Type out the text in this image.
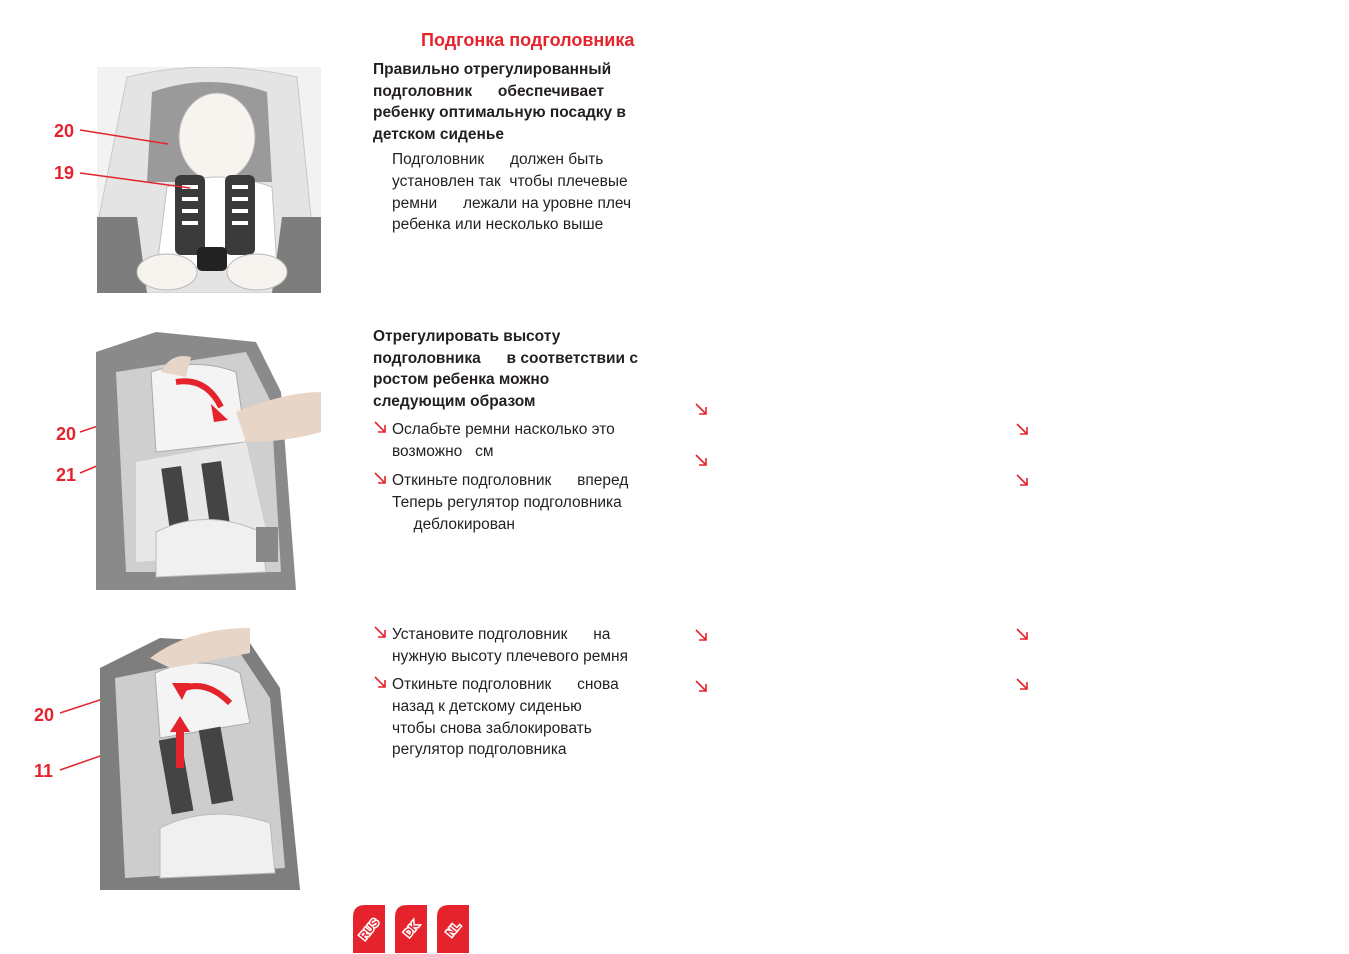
Подгонка подголовника
20
19
Правильно отрегулированный
подголовник      обеспечивает
ребенку оптимальную посадку в
детском сиденье
Подголовник      должен быть
установлен так  чтобы плечевые
ремни      лежали на уровне плеч
ребенка или несколько выше
20
21
Отрегулировать высоту
подголовника      в соответствии с
ростом ребенка можно
следующим образом
Ослабьте ремни насколько это
возможно   см
Откиньте подголовник      вперед
Теперь регулятор подголовника
деблокирован
20
11
Установите подголовник      на
нужную высоту плечевого ремня
Откиньте подголовник      снова
назад к детскому сиденью
чтобы снова заблокировать
регулятор подголовника
RUS DK NL
